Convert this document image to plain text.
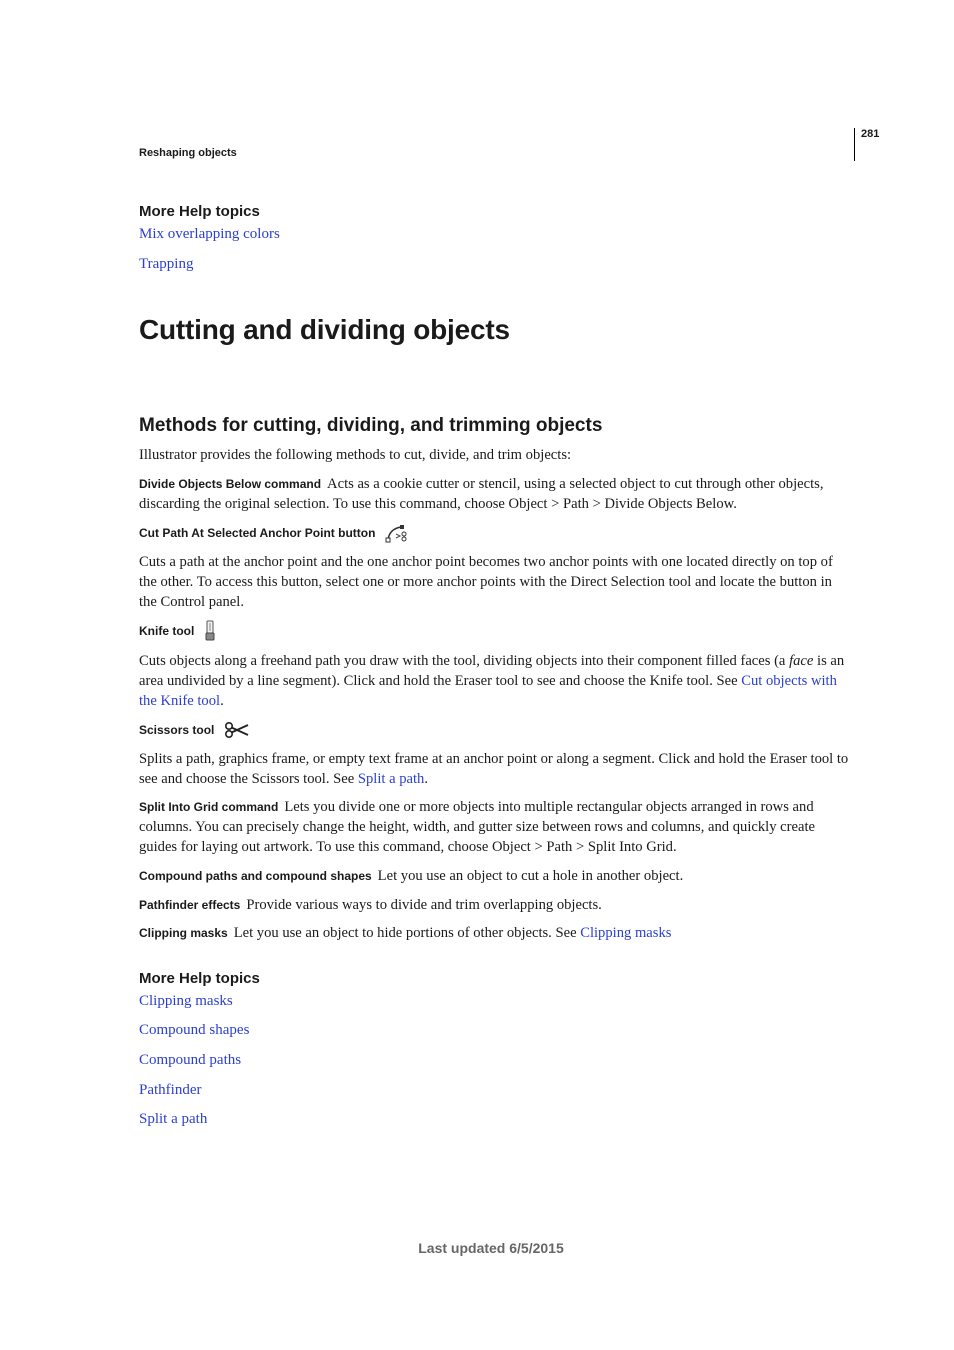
281
Reshaping objects
More Help topics
Mix overlapping colors
Trapping
Cutting and dividing objects
Methods for cutting, dividing, and trimming objects
Illustrator provides the following methods to cut, divide, and trim objects:
Divide Objects Below command Acts as a cookie cutter or stencil, using a selected object to cut through other objects, discarding the original selection. To use this command, choose Object > Path > Divide Objects Below.
Cut Path At Selected Anchor Point button
Cuts a path at the anchor point and the one anchor point becomes two anchor points with one located directly on top of the other. To access this button, select one or more anchor points with the Direct Selection tool and locate the button in the Control panel.
Knife tool
Cuts objects along a freehand path you draw with the tool, dividing objects into their component filled faces (a face is an area undivided by a line segment). Click and hold the Eraser tool to see and choose the Knife tool. See Cut objects with the Knife tool.
Scissors tool
Splits a path, graphics frame, or empty text frame at an anchor point or along a segment. Click and hold the Eraser tool to see and choose the Scissors tool. See Split a path.
Split Into Grid command Lets you divide one or more objects into multiple rectangular objects arranged in rows and columns. You can precisely change the height, width, and gutter size between rows and columns, and quickly create guides for laying out artwork. To use this command, choose Object > Path > Split Into Grid.
Compound paths and compound shapes Let you use an object to cut a hole in another object.
Pathfinder effects Provide various ways to divide and trim overlapping objects.
Clipping masks Let you use an object to hide portions of other objects. See Clipping masks
More Help topics
Clipping masks
Compound shapes
Compound paths
Pathfinder
Split a path
Last updated 6/5/2015
